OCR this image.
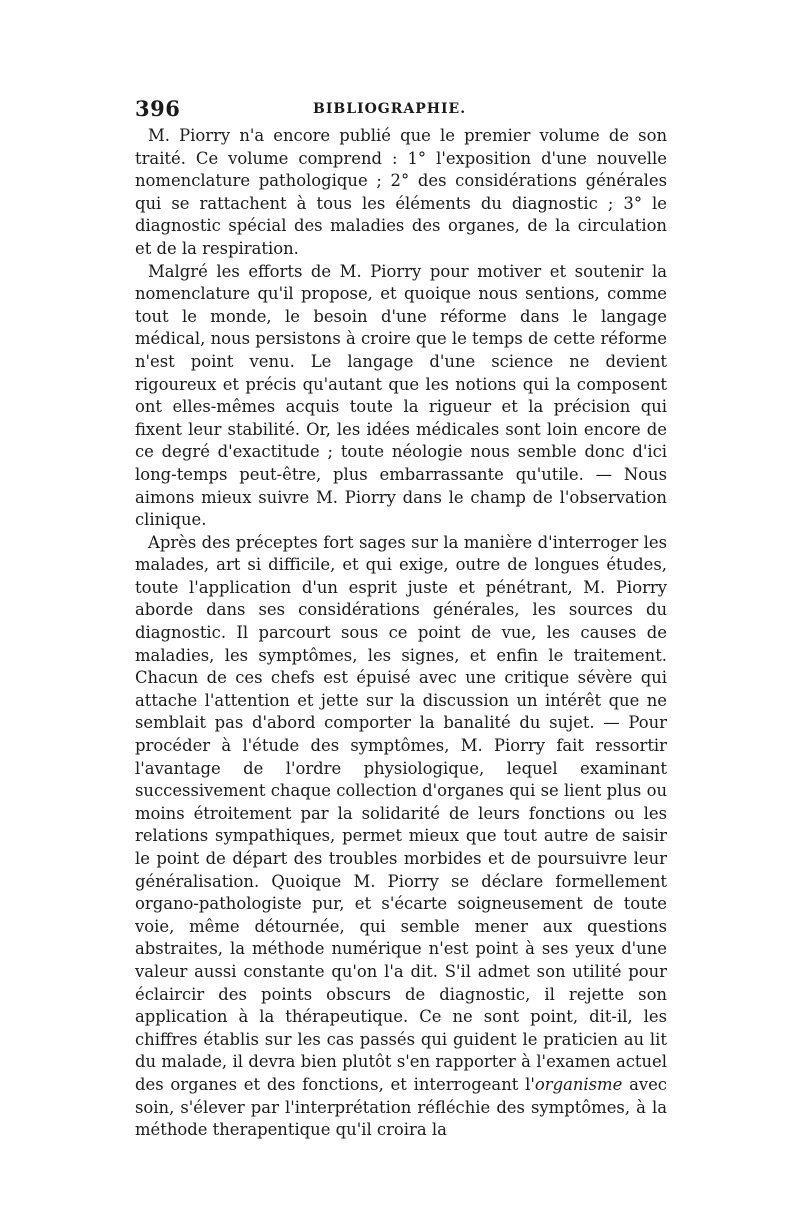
396	BIBLIOGRAPHIE.

M. Piorry n'a encore publié que le premier volume de son traité. Ce volume comprend : 1° l'exposition d'une nouvelle nomenclature pathologique ; 2° des considérations générales qui se rattachent à tous les éléments du diagnostic ; 3° le diagnostic spécial des maladies des organes, de la circulation et de la respiration.

Malgré les efforts de M. Piorry pour motiver et soutenir la nomenclature qu'il propose, et quoique nous sentions, comme tout le monde, le besoin d'une réforme dans le langage médical, nous persistons à croire que le temps de cette réforme n'est point venu. Le langage d'une science ne devient rigoureux et précis qu'autant que les notions qui la composent ont elles-mêmes acquis toute la rigueur et la précision qui fixent leur stabilité. Or, les idées médicales sont loin encore de ce degré d'exactitude ; toute néologie nous semble donc d'ici long-temps peut-être, plus embarrassante qu'utile. — Nous aimons mieux suivre M. Piorry dans le champ de l'observation clinique.

Après des préceptes fort sages sur la manière d'interroger les malades, art si difficile, et qui exige, outre de longues études, toute l'application d'un esprit juste et pénétrant, M. Piorry aborde dans ses considérations générales, les sources du diagnostic. Il parcourt sous ce point de vue, les causes de maladies, les symptômes, les signes, et enfin le traitement. Chacun de ces chefs est épuisé avec une critique sévère qui attache l'attention et jette sur la discussion un intérêt que ne semblait pas d'abord comporter la banalité du sujet. — Pour procéder à l'étude des symptômes, M. Piorry fait ressortir l'avantage de l'ordre physiologique, lequel examinant successivement chaque collection d'organes qui se lient plus ou moins étroitement par la solidarité de leurs fonctions ou les relations sympathiques, permet mieux que tout autre de saisir le point de départ des troubles morbides et de poursuivre leur généralisation. Quoique M. Piorry se déclare formellement organo-pathologiste pur, et s'écarte soigneusement de toute voie, même détournée, qui semble mener aux questions abstraites, la méthode numérique n'est point à ses yeux d'une valeur aussi constante qu'on l'a dit. S'il admet son utilité pour éclaircir des points obscurs de diagnostic, il rejette son application à la thérapeutique. Ce ne sont point, dit-il, les chiffres établis sur les cas passés qui guident le praticien au lit du malade, il devra bien plutôt s'en rapporter à l'examen actuel des organes et des fonctions, et interrogeant l'organisme avec soin, s'élever par l'interprétation réfléchie des symptômes, à la méthode therapentique qu'il croira la
